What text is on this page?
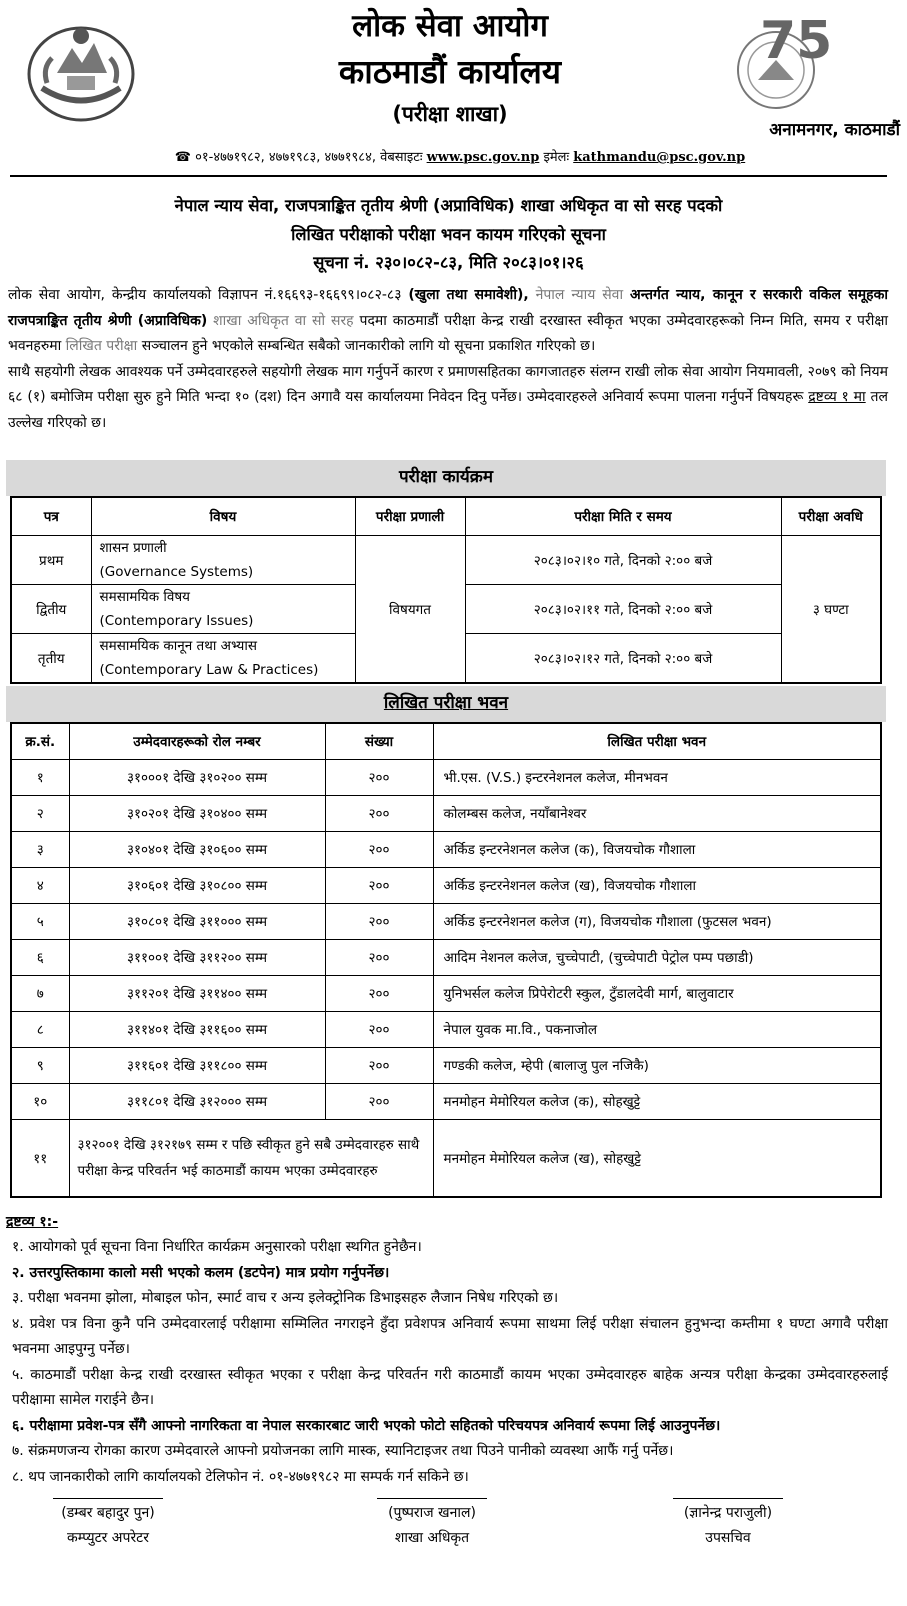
लोक सेवा आयोग
काठमाडौं कार्यालय
(परीक्षा शाखा)
75
अनामनगर, काठमाडौं
☎ ०१-४७७१९८२, ४७७१९८३, ४७७१९८४, वेबसाइटः www.psc.gov.np इमेलः kathmandu@psc.gov.np
नेपाल न्याय सेवा, राजपत्राङ्कित तृतीय श्रेणी (अप्राविधिक) शाखा अधिकृत वा सो सरह पदको
लिखित परीक्षाको परीक्षा भवन कायम गरिएको सूचना
सूचना नं. २३०।०८२-८३, मिति २०८३।०१।२६

लोक सेवा आयोग, केन्द्रीय कार्यालयको विज्ञापन नं.१६६९३-१६६९९।०८२-८३ (खुला तथा समावेशी), नेपाल न्याय सेवा अन्तर्गत न्याय, कानून र सरकारी वकिल समूहका राजपत्राङ्कित तृतीय श्रेणी (अप्राविधिक) शाखा अधिकृत वा सो सरह पदमा काठमाडौं परीक्षा केन्द्र राखी दरखास्त स्वीकृत भएका उम्मेदवारहरूको निम्न मिति, समय र परीक्षा भवनहरुमा लिखित परीक्षा सञ्चालन हुने भएकोले सम्बन्धित सबैको जानकारीको लागि यो सूचना प्रकाशित गरिएको छ।

साथै सहयोगी लेखक आवश्यक पर्ने उम्मेदवारहरुले सहयोगी लेखक माग गर्नुपर्ने कारण र प्रमाणसहितका कागजातहरु संलग्न राखी लोक सेवा आयोग नियमावली, २०७९ को नियम ६८ (१) बमोजिम परीक्षा सुरु हुने मिति भन्दा १० (दश) दिन अगावै यस कार्यालयमा निवेदन दिनु पर्नेछ। उम्मेदवारहरुले अनिवार्य रूपमा पालना गर्नुपर्ने विषयहरू द्रष्टव्य १ मा तल उल्लेख गरिएको छ।

परीक्षा कार्यक्रम
पत्र	विषय	परीक्षा प्रणाली	परीक्षा मिति र समय	परीक्षा अवधि
प्रथम	शासन प्रणाली
(Governance Systems)	विषयगत	२०८३।०२।१० गते, दिनको २:०० बजे	३ घण्टा
द्वितीय	समसामयिक विषय
(Contemporary Issues)		२०८३।०२।११ गते, दिनको २:०० बजे	
तृतीय	समसामयिक कानून तथा अभ्यास
(Contemporary Law & Practices)		२०८३।०२।१२ गते, दिनको २:०० बजे	
लिखित परीक्षा भवन
क्र.सं.	उम्मेदवारहरूको रोल नम्बर	संख्या	लिखित परीक्षा भवन
१	३१०००१ देखि ३१०२०० सम्म	२००	भी.एस. (V.S.) इन्टरनेशनल कलेज, मीनभवन
२	३१०२०१ देखि ३१०४०० सम्म	२००	कोलम्बस कलेज, नयाँबानेश्वर
३	३१०४०१ देखि ३१०६०० सम्म	२००	अर्किड इन्टरनेशनल कलेज (क), विजयचोक गौशाला
४	३१०६०१ देखि ३१०८०० सम्म	२००	अर्किड इन्टरनेशनल कलेज (ख), विजयचोक गौशाला
५	३१०८०१ देखि ३११००० सम्म	२००	अर्किड इन्टरनेशनल कलेज (ग), विजयचोक गौशाला (फुटसल भवन)
६	३११००१ देखि ३११२०० सम्म	२००	आदिम नेशनल कलेज, चुच्चेपाटी, (चुच्चेपाटी पेट्रोल पम्प पछाडी)
७	३११२०१ देखि ३११४०० सम्म	२००	युनिभर्सल कलेज प्रिपेरोटरी स्कुल, टुँडालदेवी मार्ग, बालुवाटार
८	३११४०१ देखि ३११६०० सम्म	२००	नेपाल युवक मा.वि., पकनाजोल
९	३११६०१ देखि ३११८०० सम्म	२००	गण्डकी कलेज, म्हेपी (बालाजु पुल नजिकै)
१०	३११८०१ देखि ३१२००० सम्म	२००	मनमोहन मेमोरियल कलेज (क), सोहखुट्टे
११	३१२००१ देखि ३१२१७९ सम्म र पछि स्वीकृत हुने सबै उम्मेदवारहरु साथै परीक्षा केन्द्र परिवर्तन भई काठमाडौं कायम भएका उम्मेदवारहरु		मनमोहन मेमोरियल कलेज (ख), सोहखुट्टे
द्रष्टव्य १:-
१. आयोगको पूर्व सूचना विना निर्धारित कार्यक्रम अनुसारको परीक्षा स्थगित हुनेछैन।
२. उत्तरपुस्तिकामा कालो मसी भएको कलम (डटपेन) मात्र प्रयोग गर्नुपर्नेछ।
३. परीक्षा भवनमा झोला, मोबाइल फोन, स्मार्ट वाच र अन्य इलेक्ट्रोनिक डिभाइसहरु लैजान निषेध गरिएको छ।
४. प्रवेश पत्र विना कुनै पनि उम्मेदवारलाई परीक्षामा सम्मिलित नगराइने हुँदा प्रवेशपत्र अनिवार्य रूपमा साथमा लिई परीक्षा संचालन हुनुभन्दा कम्तीमा १ घण्टा अगावै परीक्षा भवनमा आइपुग्नु पर्नेछ।
५. काठमाडौं परीक्षा केन्द्र राखी दरखास्त स्वीकृत भएका र परीक्षा केन्द्र परिवर्तन गरी काठमाडौं कायम भएका उम्मेदवारहरु बाहेक अन्यत्र परीक्षा केन्द्रका उम्मेदवारहरुलाई परीक्षामा सामेल गराईने छैन।
६. परीक्षामा प्रवेश-पत्र सँगै आफ्नो नागरिकता वा नेपाल सरकारबाट जारी भएको फोटो सहितको परिचयपत्र अनिवार्य रूपमा लिई आउनुपर्नेछ।
७. संक्रमणजन्य रोगका कारण उम्मेदवारले आफ्नो प्रयोजनका लागि मास्क, स्यानिटाइजर तथा पिउने पानीको व्यवस्था आफैं गर्नु पर्नेछ।
८. थप जानकारीको लागि कार्यालयको टेलिफोन नं. ०१-४७७१९८२ मा सम्पर्क गर्न सकिने छ।
(डम्बर बहादुर पुन)
कम्प्युटर अपरेटर
(पुष्पराज खनाल)
शाखा अधिकृत
(ज्ञानेन्द्र पराजुली)
उपसचिव
